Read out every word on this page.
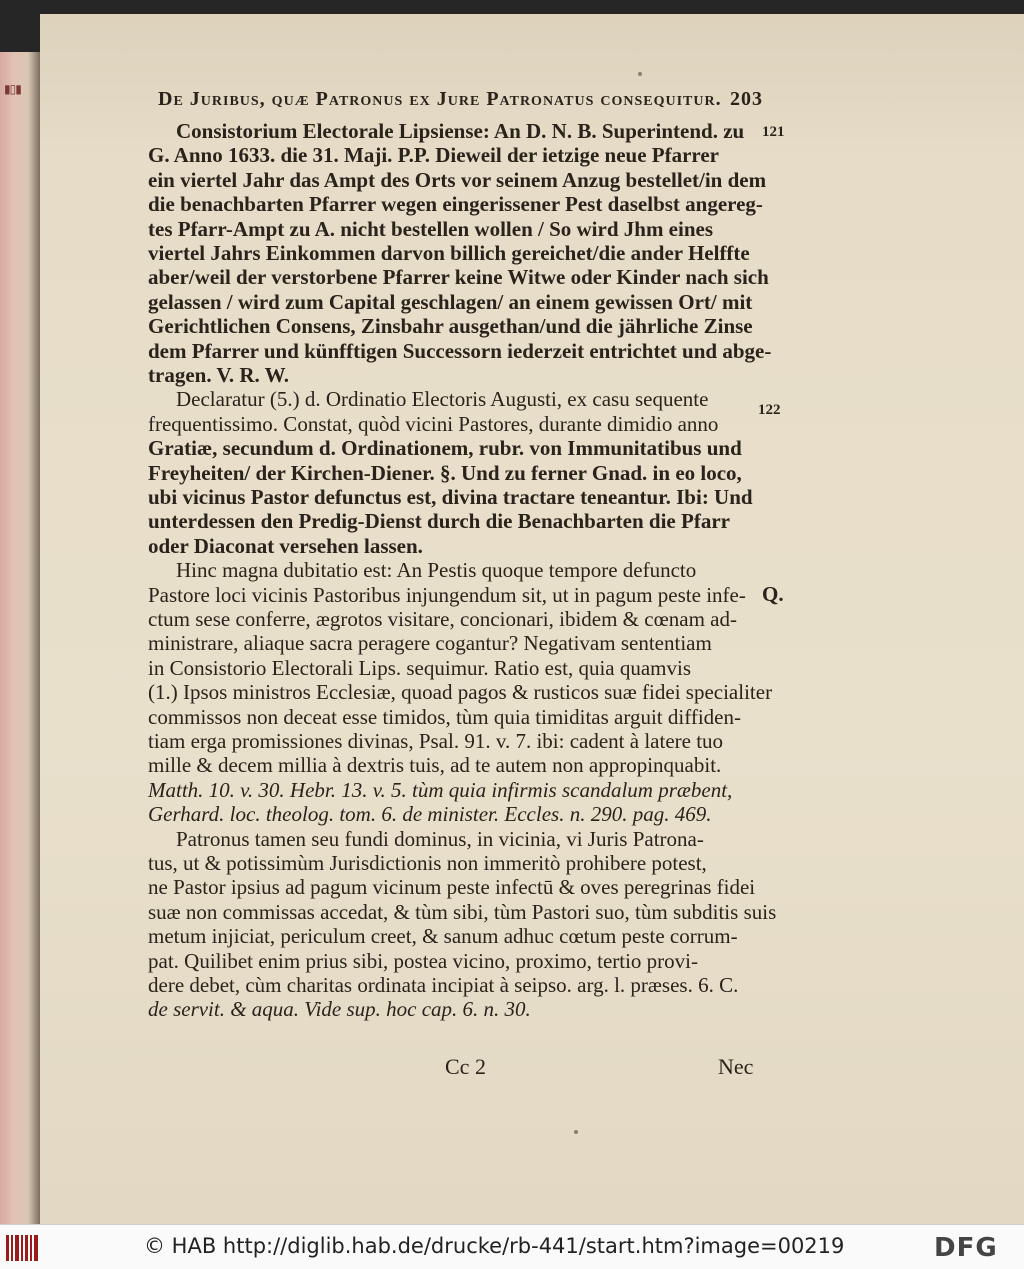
▮▯▮	De Juribus, quæ Patronus ex Jure Patronatus consequitur. 203
Consistorium Electorale Lipsiense: An D. N. B. Superintend. zu
G. Anno 1633. die 31. Maji. P.P. Dieweil der ietzige neue Pfarrer
ein viertel Jahr das Ampt des Orts vor seinem Anzug bestellet/in dem
die benachbarten Pfarrer wegen eingerissener Pest daselbst angereg-
tes Pfarr-Ampt zu A. nicht bestellen wollen / So wird Jhm eines
viertel Jahrs Einkommen darvon billich gereichet/die ander Helffte
aber/weil der verstorbene Pfarrer keine Witwe oder Kinder nach sich
gelassen / wird zum Capital geschlagen/ an einem gewissen Ort/ mit
Gerichtlichen Consens, Zinsbahr ausgethan/und die jährliche Zinse
dem Pfarrer und künfftigen Successorn iederzeit entrichtet und abge-
tragen. V. R. W.
Declaratur (5.) d. Ordinatio Electoris Augusti, ex casu sequente
frequentissimo. Constat, quòd vicini Pastores, durante dimidio anno
Gratiæ, secundum d. Ordinationem, rubr. von Immunitatibus und
Freyheiten/ der Kirchen-Diener. §. Und zu ferner Gnad. in eo loco,
ubi vicinus Pastor defunctus est, divina tractare teneantur. Ibi: Und
unterdessen den Predig-Dienst durch die Benachbarten die Pfarr
oder Diaconat versehen lassen.
Hinc magna dubitatio est: An Pestis quoque tempore defuncto
Pastore loci vicinis Pastoribus injungendum sit, ut in pagum peste infe-
ctum sese conferre, ægrotos visitare, concionari, ibidem & cœnam ad-
ministrare, aliaque sacra peragere cogantur? Negativam sententiam
in Consistorio Electorali Lips. sequimur. Ratio est, quia quamvis
(1.) Ipsos ministros Ecclesiæ, quoad pagos & rusticos suæ fidei specialiter
commissos non deceat esse timidos, tùm quia timiditas arguit diffiden-
tiam erga promissiones divinas, Psal. 91. v. 7. ibi: cadent à latere tuo
mille & decem millia à dextris tuis, ad te autem non appropinquabit.
Matth. 10. v. 30. Hebr. 13. v. 5. tùm quia infirmis scandalum præbent,
Gerhard. loc. theolog. tom. 6. de minister. Eccles. n. 290. pag. 469.
Patronus tamen seu fundi dominus, in vicinia, vi Juris Patrona-
tus, ut & potissimùm Jurisdictionis non immeritò prohibere potest,
ne Pastor ipsius ad pagum vicinum peste infectū & oves peregrinas fidei
suæ non commissas accedat, & tùm sibi, tùm Pastori suo, tùm subditis suis
metum injiciat, periculum creet, & sanum adhuc cœtum peste corrum-
pat. Quilibet enim prius sibi, postea vicino, proximo, tertio provi-
dere debet, cùm charitas ordinata incipiat à seipso. arg. l. præses. 6. C.
de servit. & aqua. Vide sup. hoc cap. 6. n. 30.
121
122
Q.
Cc 2	Nec
© HAB http://diglib.hab.de/drucke/rb-441/start.htm?image=00219	DFG
